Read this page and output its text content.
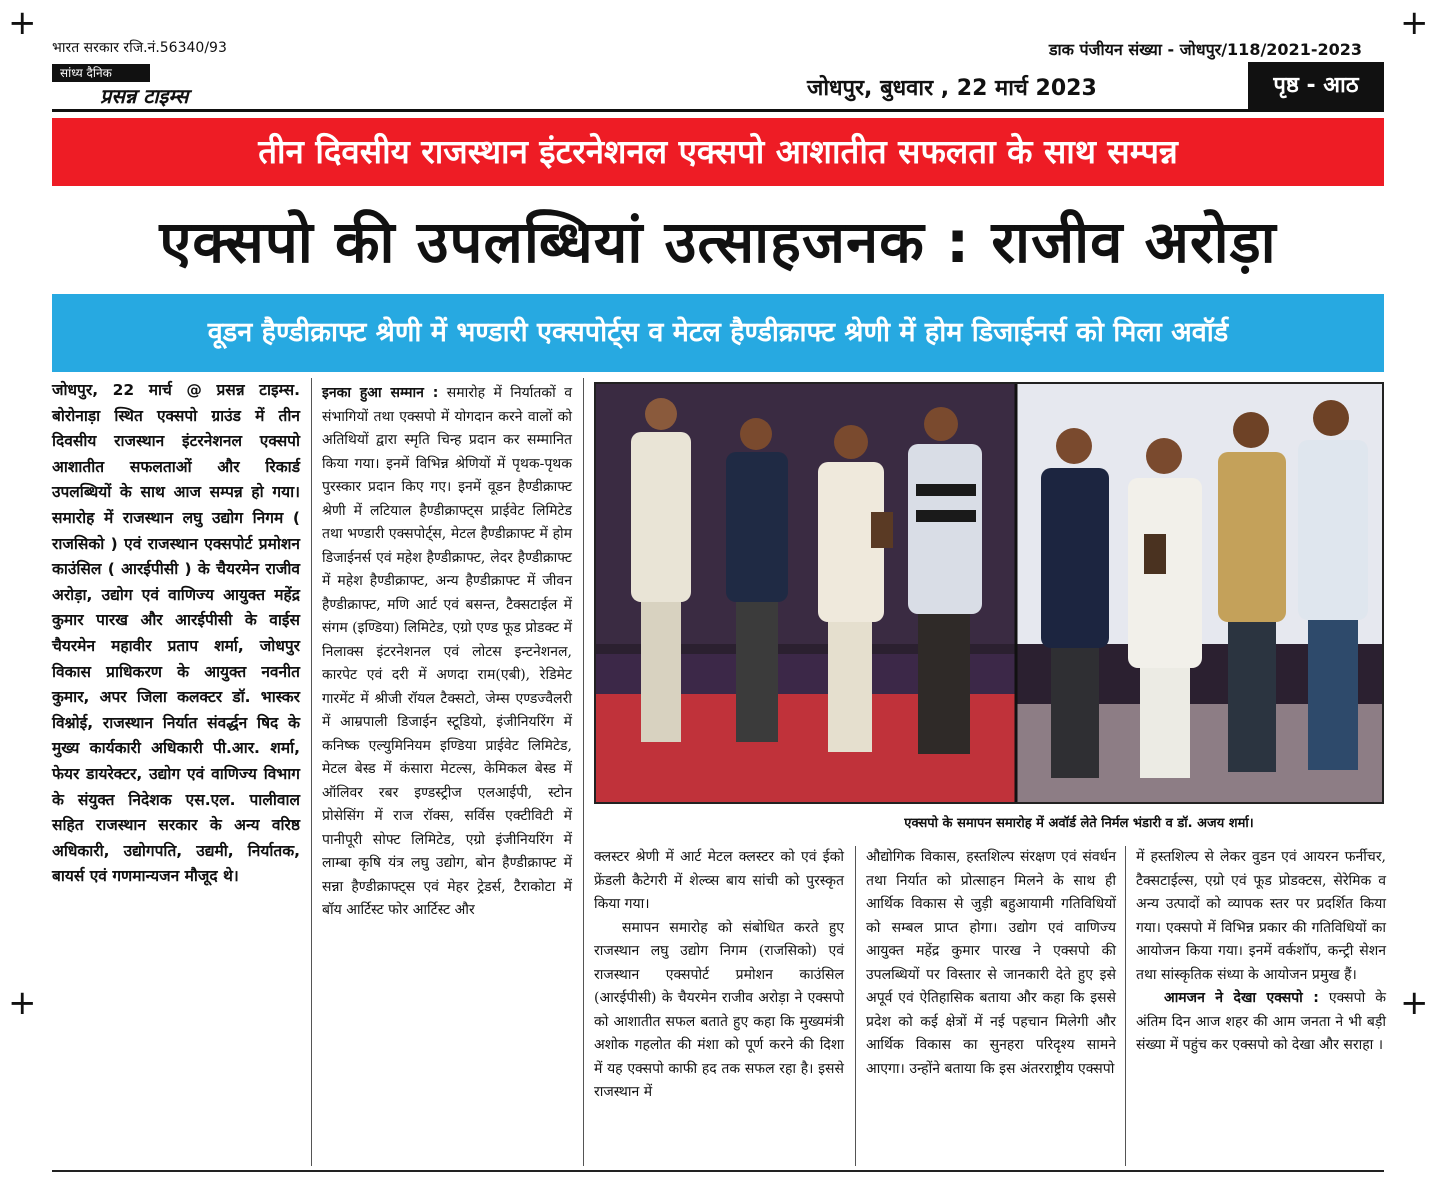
+	+
+	+
भारत सरकार रजि.नं.56340/93	डाक पंजीयन संख्या - जोधपुर/118/2021-2023
सांध्य दैनिक
प्रसन्न टाइम्स	जोधपुर, बुधवार , 22 मार्च 2023	पृष्ठ - आठ
तीन दिवसीय राजस्थान इंटरनेशनल एक्सपो आशातीत सफलता के साथ सम्पन्न
एक्सपो की उपलब्धियां उत्साहजनक : राजीव अरोड़ा
वूडन हैण्डीक्राफ्ट श्रेणी में भण्डारी एक्सपोर्ट्स व मेटल हैण्डीक्राफ्ट श्रेणी में होम डिजाईनर्स को मिला अवॉर्ड
जोधपुर, 22 मार्च @ प्रसन्न टाइम्स. बोरोनाड़ा स्थित एक्सपो ग्राउंड में तीन दिवसीय राजस्थान इंटरनेशनल एक्सपो आशातीत सफलताओं और रिकार्ड उपलब्धियों के साथ आज सम्पन्न हो गया। समारोह में राजस्थान लघु उद्योग निगम ( राजसिको ) एवं राजस्थान एक्सपोर्ट प्रमोशन काउंसिल ( आरईपीसी ) के चैयरमेन राजीव अरोड़ा, उद्योग एवं वाणिज्य आयुक्त महेंद्र कुमार पारख और आरईपीसी के वाईस चैयरमेन महावीर प्रताप शर्मा, जोधपुर विकास प्राधिकरण के आयुक्त नवनीत कुमार, अपर जिला कलक्टर डॉ. भास्कर विश्नोई, राजस्थान निर्यात संवर्द्धन षिद के मुख्य कार्यकारी अधिकारी पी.आर. शर्मा, फेयर डायरेक्टर, उद्योग एवं वाणिज्य विभाग के संयुक्त निदेशक एस.एल. पालीवाल सहित राजस्थान सरकार के अन्य वरिष्ठ अधिकारी, उद्योगपति, उद्यमी, निर्यातक, बायर्स एवं गणमान्यजन मौजूद थे।
इनका हुआ सम्मान : समारोह में निर्यातकों व संभागियों तथा एक्सपो में योगदान करने वालों को अतिथियों द्वारा स्मृति चिन्ह प्रदान कर सम्मानित किया गया। इनमें विभिन्न श्रेणियों में पृथक-पृथक पुरस्कार प्रदान किए गए। इनमें वूडन हैण्डीक्राफ्ट श्रेणी में लटियाल हैण्डीक्राफ्ट्स प्राईवेट लिमिटेड तथा भण्डारी एक्सपोर्ट्स, मेटल हैण्डीक्राफ्ट में होम डिजाईनर्स एवं महेश हैण्डीक्राफ्ट, लेदर हैण्डीक्राफ्ट में महेश हैण्डीक्राफ्ट, अन्य हैण्डीक्राफ्ट में जीवन हैण्डीक्राफ्ट, मणि आर्ट एवं बसन्त, टैक्सटाईल में संगम (इण्डिया) लिमिटेड, एग्रो एण्ड फूड प्रोडक्ट में निलाक्स इंटरनेशनल एवं लोटस इन्टनेशनल, कारपेट एवं दरी में अणदा राम(एबी), रेडिमेट गारमेंट में श्रीजी रॉयल टैक्सटो, जेम्स एण्डज्वैलरी में आम्रपाली डिजाईन स्टूडियो, इंजीनियरिंग में कनिष्क एल्युमिनियम इण्डिया प्राईवेट लिमिटेड, मेटल बेस्ड में कंसारा मेटल्स, केमिकल बेस्ड में ऑलिवर रबर इण्डस्ट्रीज एलआईपी, स्टोन प्रोसेसिंग में राज रॉक्स, सर्विस एक्टीविटी में पानीपूरी सोफ्ट लिमिटेड, एग्रो इंजीनियरिंग में लाम्बा कृषि यंत्र लघु उद्योग, बोन हैण्डीक्राफ्ट में सन्ना हैण्डीक्राफ्ट्स एवं मेहर ट्रेडर्स, टैराकोटा में बॉय आर्टिस्ट फोर आर्टिस्ट और
एक्सपो के समापन समारोह में अवॉर्ड लेते निर्मल भंडारी व डॉ. अजय शर्मा।
क्लस्टर श्रेणी में आर्ट मेटल क्लस्टर को एवं ईको फ्रेंडली कैटेगरी में शेल्व्स बाय सांची को पुरस्कृत किया गया।
समापन समारोह को संबोधित करते हुए राजस्थान लघु उद्योग निगम (राजसिको) एवं राजस्थान एक्सपोर्ट प्रमोशन काउंसिल (आरईपीसी) के चैयरमेन राजीव अरोड़ा ने एक्सपो को आशातीत सफल बताते हुए कहा कि मुख्यमंत्री अशोक गहलोत की मंशा को पूर्ण करने की दिशा में यह एक्सपो काफी हद तक सफल रहा है। इससे राजस्थान में
औद्योगिक विकास, हस्तशिल्प संरक्षण एवं संवर्धन तथा निर्यात को प्रोत्साहन मिलने के साथ ही आर्थिक विकास से जुड़ी बहुआयामी गतिविधियों को सम्बल प्राप्त होगा। उद्योग एवं वाणिज्य आयुक्त महेंद्र कुमार पारख ने एक्सपो की उपलब्धियों पर विस्तार से जानकारी देते हुए इसे अपूर्व एवं ऐतिहासिक बताया और कहा कि इससे प्रदेश को कई क्षेत्रों में नई पहचान मिलेगी और आर्थिक विकास का सुनहरा परिदृश्य सामने आएगा। उन्होंने बताया कि इस अंतरराष्ट्रीय एक्सपो
में हस्तशिल्प से लेकर वुडन एवं आयरन फर्नीचर, टैक्सटाईल्स, एग्रो एवं फूड प्रोडक्टस, सेरेमिक व अन्य उत्पादों को व्यापक स्तर पर प्रदर्शित किया गया। एक्सपो में विभिन्न प्रकार की गतिविधियों का आयोजन किया गया। इनमें वर्कशॉप, कन्ट्री सेशन तथा सांस्कृतिक संध्या के आयोजन प्रमुख हैं।
आमजन ने देखा एक्सपो : एक्सपो के अंतिम दिन आज शहर की आम जनता ने भी बड़ी संख्या में पहुंच कर एक्सपो को देखा और सराहा ।
